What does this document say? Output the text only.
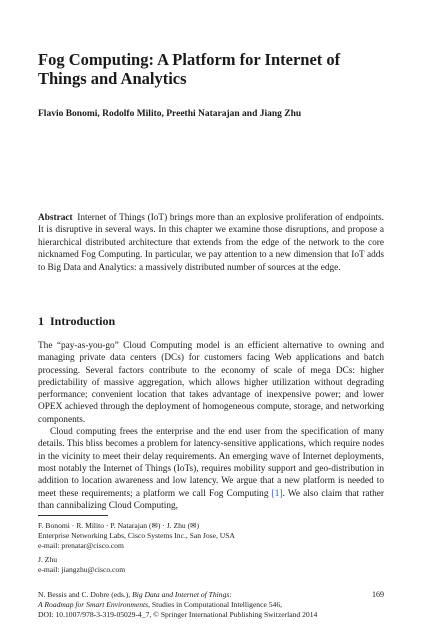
Fog Computing: A Platform for Internet of Things and Analytics

Flavio Bonomi, Rodolfo Milito, Preethi Natarajan and Jiang Zhu

Abstract Internet of Things (IoT) brings more than an explosive proliferation of endpoints. It is disruptive in several ways. In this chapter we examine those disruptions, and propose a hierarchical distributed architecture that extends from the edge of the network to the core nicknamed Fog Computing. In particular, we pay attention to a new dimension that IoT adds to Big Data and Analytics: a massively distributed number of sources at the edge.

1 Introduction

The “pay-as-you-go” Cloud Computing model is an efficient alternative to owning and managing private data centers (DCs) for customers facing Web applications and batch processing. Several factors contribute to the economy of scale of mega DCs: higher predictability of massive aggregation, which allows higher utilization without degrading performance; convenient location that takes advantage of inexpensive power; and lower OPEX achieved through the deployment of homogeneous compute, storage, and networking components.

Cloud computing frees the enterprise and the end user from the specification of many details. This bliss becomes a problem for latency-sensitive applications, which require nodes in the vicinity to meet their delay requirements. An emerging wave of Internet deployments, most notably the Internet of Things (IoTs), requires mobility support and geo-distribution in addition to location awareness and low latency. We argue that a new platform is needed to meet these requirements; a platform we call Fog Computing [1]. We also claim that rather than cannibalizing Cloud Computing,

F. Bonomi · R. Milito · P. Natarajan (✉) · J. Zhu (✉)
Enterprise Networking Labs, Cisco Systems Inc., San Jose, USA
e-mail: prenatar@cisco.com
J. Zhu
e-mail: jiangzhu@cisco.com
N. Bessis and C. Dobre (eds.), Big Data and Internet of Things:
A Roadmap for Smart Environments, Studies in Computational Intelligence 546,
DOI: 10.1007/978-3-319-05029-4_7, © Springer International Publishing Switzerland 2014
169
